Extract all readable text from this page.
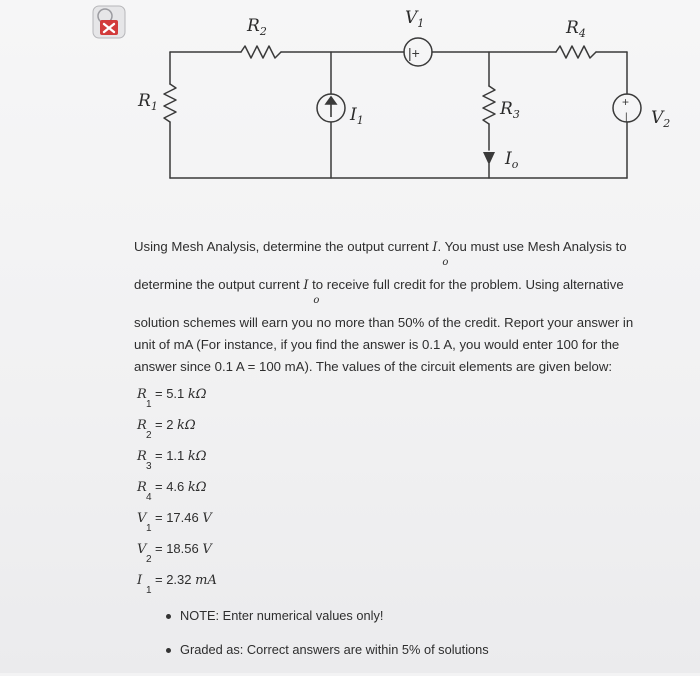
|+
+
|
$R_2$
$V_1$	$R_4$
$R_1$	$I_1$
$R_3$
$I_o$
$V_2$
Using Mesh Analysis, determine the output current I
o
. You must use Mesh Analysis to
determine the output current I
o
to receive full credit for the problem. Using alternative
solution schemes will earn you no more than 50% of the credit. Report your answer in
unit of mA (For instance, if you find the answer is 0.1 A, you would enter 100 for the
answer since 0.1 A = 100 mA). The values of the circuit elements are given below:
R
1
= 5.1 kΩ
R
2
= 2 kΩ
R
3
= 1.1 kΩ
R
4
= 4.6 kΩ
V
1
= 17.46 V
V
2
= 18.56 V
I
1
= 2.32 mA
NOTE: Enter numerical values only!
Graded as: Correct answers are within 5% of solutions
